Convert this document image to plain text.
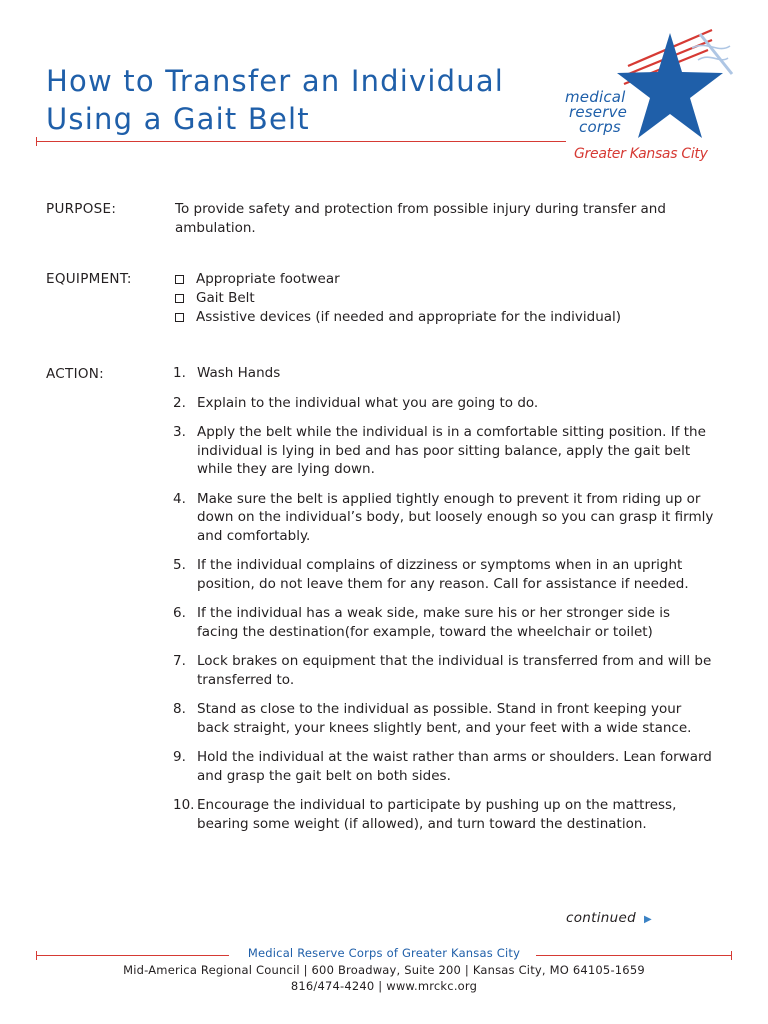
How to Transfer an Individual
Using a Gait Belt
medical
reserve
corps
Greater Kansas City
PURPOSE:	To provide safety and protection from possible injury during transfer and ambulation.
EQUIPMENT:	Appropriate footwear
Gait Belt
Assistive devices (if needed and appropriate for the individual)
ACTION:	1. Wash Hands
2. Explain to the individual what you are going to do.
3. Apply the belt while the individual is in a comfortable sitting position. If the individual is lying in bed and has poor sitting balance, apply the gait belt while they are lying down.
4. Make sure the belt is applied tightly enough to prevent it from riding up or down on the individual’s body, but loosely enough so you can grasp it firmly and comfortably.
5. If the individual complains of dizziness or symptoms when in an upright position, do not leave them for any reason. Call for assistance if needed.
6. If the individual has a weak side, make sure his or her stronger side is facing the destination(for example, toward the wheelchair or toilet)
7. Lock brakes on equipment that the individual is transferred from and will be transferred to.
8. Stand as close to the individual as possible. Stand in front keeping your back straight, your knees slightly bent, and your feet with a wide stance.
9. Hold the individual at the waist rather than arms or shoulders. Lean forward and grasp the gait belt on both sides.
10. Encourage the individual to participate by pushing up on the mattress, bearing some weight (if allowed), and turn toward the destination.
continued ▶
Medical Reserve Corps of Greater Kansas City
Mid-America Regional Council | 600 Broadway, Suite 200 | Kansas City, MO 64105-1659
816/474-4240 | www.mrckc.org
